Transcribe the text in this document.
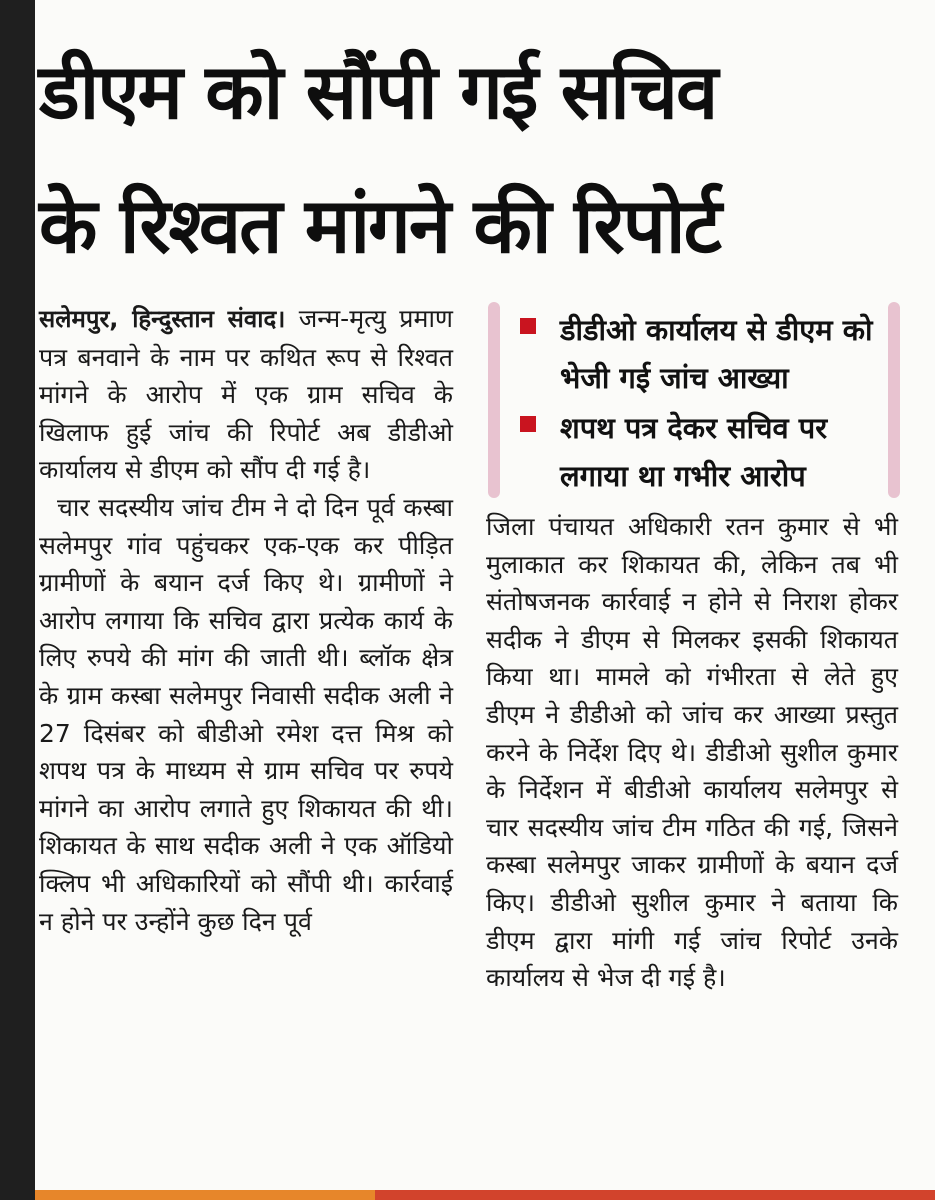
डीएम को सौंपी गई सचिव
के रिश्वत मांगने की रिपोर्ट

सलेमपुर, हिन्दुस्तान संवाद। जन्म-मृत्यु प्रमाण पत्र बनवाने के नाम पर कथित रूप से रिश्वत मांगने के आरोप में एक ग्राम सचिव के खिलाफ हुई जांच की रिपोर्ट अब डीडीओ कार्यालय से डीएम को सौंप दी गई है।

चार सदस्यीय जांच टीम ने दो दिन पूर्व कस्बा सलेमपुर गांव पहुंचकर एक-एक कर पीड़ित ग्रामीणों के बयान दर्ज किए थे। ग्रामीणों ने आरोप लगाया कि सचिव द्वारा प्रत्येक कार्य के लिए रुपये की मांग की जाती थी। ब्लॉक क्षेत्र के ग्राम कस्बा सलेमपुर निवासी सदीक अली ने 27 दिसंबर को बीडीओ रमेश दत्त मिश्र को शपथ पत्र के माध्यम से ग्राम सचिव पर रुपये मांगने का आरोप लगाते हुए शिकायत की थी। शिकायत के साथ सदीक अली ने एक ऑडियो क्लिप भी अधिकारियों को सौंपी थी। कार्रवाई न होने पर उन्होंने कुछ दिन पूर्व

डीडीओ कार्यालय से डीएम को भेजी गई जांच आख्या
शपथ पत्र देकर सचिव पर लगाया था गभीर आरोप

जिला पंचायत अधिकारी रतन कुमार से भी मुलाकात कर शिकायत की, लेकिन तब भी संतोषजनक कार्रवाई न होने से निराश होकर सदीक ने डीएम से मिलकर इसकी शिकायत किया था। मामले को गंभीरता से लेते हुए डीएम ने डीडीओ को जांच कर आख्या प्रस्तुत करने के निर्देश दिए थे। डीडीओ सुशील कुमार के निर्देशन में बीडीओ कार्यालय सलेमपुर से चार सदस्यीय जांच टीम गठित की गई, जिसने कस्बा सलेमपुर जाकर ग्रामीणों के बयान दर्ज किए। डीडीओ सुशील कुमार ने बताया कि डीएम द्वारा मांगी गई जांच रिपोर्ट उनके कार्यालय से भेज दी गई है।
